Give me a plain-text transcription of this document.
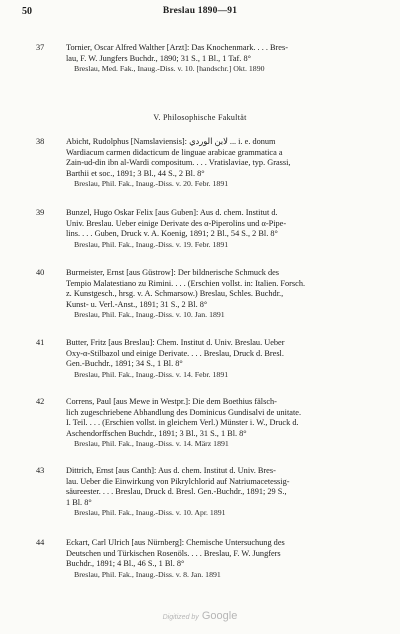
50	Breslau 1890—91
37	Tornier, Oscar Alfred Walther [Arzt]: Das Knochenmark. . . . Bres-
lau, F. W. Jungfers Buchdr., 1890; 31 S., 1 Bl., 1 Taf. 8°
Breslau, Med. Fak., Inaug.-Diss. v. 10. [handschr.] Okt. 1890
V. Philosophische Fakultät
38	Abicht, Rudolphus [Namslaviensis]: لابن الوردي ... i. e. donum
Wardiacum carmen didacticum de linguae arabicae grammatica a
Zain-ud-din ibn al-Wardi compositum. . . . Vratislaviae, typ. Grassi,
Barthii et soc., 1891; 3 Bl., 44 S., 2 Bl. 8°
Breslau, Phil. Fak., Inaug.-Diss. v. 20. Febr. 1891
39	Bunzel, Hugo Oskar Felix [aus Guben]: Aus d. chem. Institut d.
Univ. Breslau. Ueber einige Derivate des α-Piperolins und α-Pipe-
lins. . . . Guben, Druck v. A. Koenig, 1891; 2 Bl., 54 S., 2 Bl. 8°
Breslau, Phil. Fak., Inaug.-Diss. v. 19. Febr. 1891
40	Burmeister, Ernst [aus Güstrow]: Der bildnerische Schmuck des
Tempio Malatestiano zu Rimini. . . . (Erschien vollst. in: Italien. Forsch.
z. Kunstgesch., hrsg. v. A. Schmarsow.) Breslau, Schles. Buchdr.,
Kunst- u. Verl.-Anst., 1891; 31 S., 2 Bl. 8°
Breslau, Phil. Fak., Inaug.-Diss. v. 10. Jan. 1891
41	Butter, Fritz [aus Breslau]: Chem. Institut d. Univ. Breslau. Ueber
Oxy-α-Stilbazol und einige Derivate. . . . Breslau, Druck d. Bresl.
Gen.-Buchdr., 1891; 34 S., 1 Bl. 8°
Breslau, Phil. Fak., Inaug.-Diss. v. 14. Febr. 1891
42	Correns, Paul [aus Mewe in Westpr.]: Die dem Boethius fälsch-
lich zugeschriebene Abhandlung des Dominicus Gundisalvi de unitate.
I. Teil. . . . (Erschien vollst. in gleichem Verl.) Münster i. W., Druck d.
Aschendorffschen Buchdr., 1891; 3 Bl., 31 S., 1 Bl. 8°
Breslau, Phil. Fak., Inaug.-Diss. v. 14. März 1891
43	Dittrich, Ernst [aus Canth]: Aus d. chem. Institut d. Univ. Bres-
lau. Ueber die Einwirkung von Pikrylchlorid auf Natriumacetessig-
säureester. . . . Breslau, Druck d. Bresl. Gen.-Buchdr., 1891; 29 S.,
1 Bl. 8°
Breslau, Phil. Fak., Inaug.-Diss. v. 10. Apr. 1891
44	Eckart, Carl Ulrich [aus Nürnberg]: Chemische Untersuchung des
Deutschen und Türkischen Rosenöls. . . . Breslau, F. W. Jungfers
Buchdr., 1891; 4 Bl., 46 S., 1 Bl. 8°
Breslau, Phil. Fak., Inaug.-Diss. v. 8. Jan. 1891
Digitized by Google
